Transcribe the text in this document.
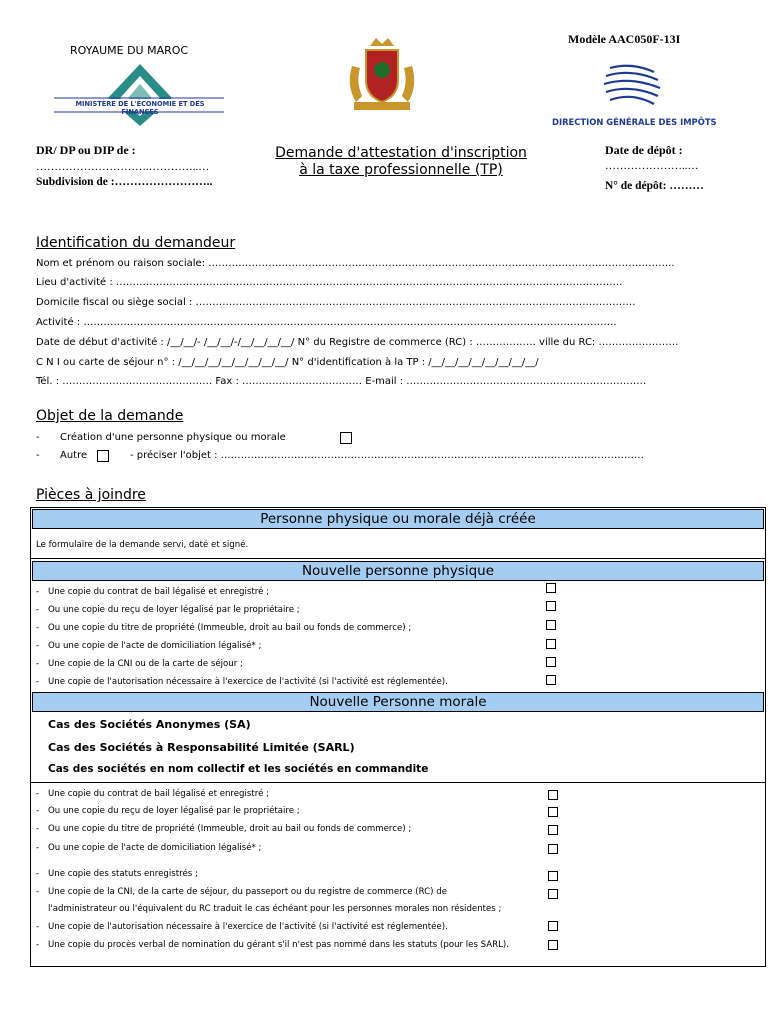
ROYAUME DU MAROC
MINISTÈRE DE L'ÉCONOMIE ET DES FINANCES
Modèle AAC050F-13I
DIRECTION GÉNÉRALE DES IMPÔTS
DR/ DP ou DIP de :
………………………….…………..…
Subdivision de :……………………..
Demande d'attestation d'inscription
à la taxe professionnelle (TP)
Date de dépôt :
…………………..…
N° de dépôt: ………
Identification du demandeur
Nom et prénom ou raison sociale: …………………………………………………………………………………………………………………………..
Lieu d'activité : ……………………………………………………………………………………………………………………………………..
Domicile fiscal ou siège social : ……………………………………………………………………………………………………………………
Activité : …………………………………………………………………………………………………………………………………………….
Date de début d'activité : /__/__/- /__/__/-/__/__/__/__/ N° du Registre de commerce (RC) : ……………… ville du RC: ……………………
C N I ou carte de séjour n° : /__/__/__/__/__/__/__/__/ N° d'identification à la TP : /__/__/__/__/__/__/__/__/
Tél. : ……………………………………… Fax : ……………………………… E-mail : ………………………………………………………………
Objet de la demande
- Création d'une personne physique ou morale
- Autre	- préciser l'objet : ……………………………………………………………………………………………………………….
Pièces à joindre
Personne physique ou morale déjà créée
Le formulaire de la demande servi, daté et signé.
Nouvelle personne physique
- Une copie du contrat de bail légalisé et enregistré ;
- Ou une copie du reçu de loyer légalisé par le propriétaire ;
- Ou une copie du titre de propriété (Immeuble, droit au bail ou fonds de commerce) ;
- Ou une copie de l'acte de domiciliation légalisé* ;
- Une copie de la CNI ou de la carte de séjour ;
- Une copie de l'autorisation nécessaire à l'exercice de l'activité (si l'activité est réglementée).
Nouvelle Personne morale
Cas des Sociétés Anonymes (SA)
Cas des Sociétés à Responsabilité Limitée (SARL)
Cas des sociétés en nom collectif et les sociétés en commandite
- Une copie du contrat de bail légalisé et enregistré ;
- Ou une copie du reçu de loyer légalisé par le propriétaire ;
- Ou une copie du titre de propriété (Immeuble, droit au bail ou fonds de commerce) ;
- Ou une copie de l'acte de domiciliation légalisé* ;
- Une copie des statuts enregistrés ;
- Une copie de la CNI, de la carte de séjour, du passeport ou du registre de commerce (RC) de
l'administrateur ou l'équivalent du RC traduit le cas échéant pour les personnes morales non résidentes ;
- Une copie de l'autorisation nécessaire à l'exercice de l'activité (si l'activité est réglementée).
- Une copie du procès verbal de nomination du gérant s'il n'est pas nommé dans les statuts (pour les SARL).
